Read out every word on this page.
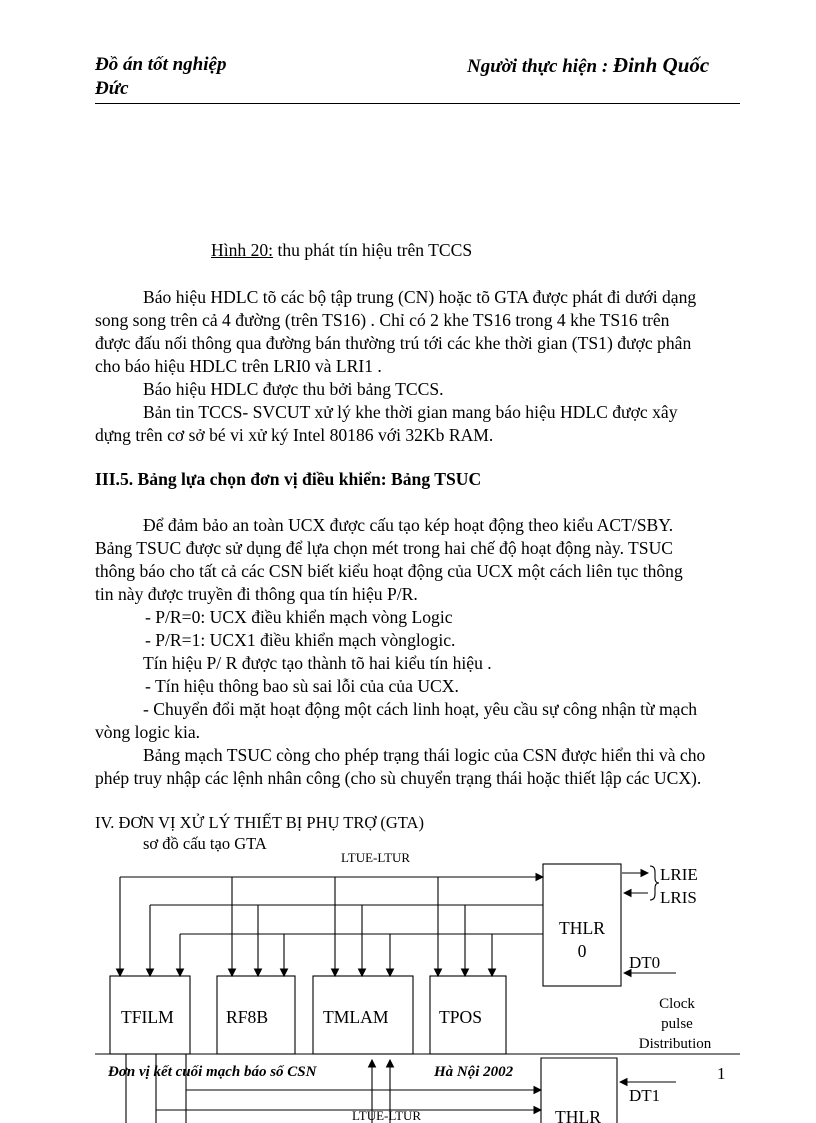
Đồ án tốt nghiệp
Đức
Người thực hiện : Đinh Quốc
Hình 20: thu phát tín hiệu trên TCCS
Báo hiệu HDLC tõ các bộ tập trung (CN) hoặc tõ GTA được phát đi dưới dạng
song song trên cả 4 đường (trên TS16) . Chỉ có 2 khe TS16 trong 4 khe TS16 trên
được đấu nối thông qua đường bán thường trú tới các khe thời gian (TS1) được phân
cho báo hiệu HDLC trên LRI0 và LRI1 .
Báo hiệu HDLC được thu bởi bảng TCCS.
Bản tin TCCS- SVCUT xử lý khe thời gian mang báo hiệu HDLC được xây
dựng trên cơ sở bé vi xử ký Intel 80186 với 32Kb RAM.
III.5. Bảng lựa chọn đơn vị điều khiển: Bảng TSUC
Để đảm bảo an toàn UCX được cấu tạo kép hoạt động theo kiểu ACT/SBY.
Bảng TSUC được sử dụng để lựa chọn mét trong hai chế độ hoạt động này. TSUC
thông báo cho tất cả các CSN biết kiểu hoạt động của UCX một cách liên tục thông
tin này được truyền đi thông qua tín hiệu P/R.
- P/R=0: UCX điều khiển mạch vòng Logic
- P/R=1: UCX1 điều khiển mạch vònglogic.
Tín hiệu P/ R được tạo thành tõ hai kiểu tín hiệu .
- Tín hiệu thông bao sù sai lỗi của của UCX.
- Chuyển đổi mặt hoạt động một cách linh hoạt, yêu cầu sự công nhận từ mạch
vòng logic kia.
Bảng mạch TSUC còng cho phép trạng thái logic của CSN được hiển thi và cho
phép truy nhập các lệnh nhân công (cho sù chuyển trạng thái hoặc thiết lập các UCX).
IV. ĐƠN VỊ XỬ LÝ THIẾT BỊ PHỤ TRỢ (GTA)
sơ đồ cấu tạo GTA
LTUE-LTUR
LTUE-LTUR
TFILM	RF8B	TMLAM	TPOS
THLR
0
THLR
LRIE
LRIS
DT0
DT1
Clock
pulse
Distribution
Đơn vị kết cuối mạch báo số CSN	Hà Nội 2002	1
